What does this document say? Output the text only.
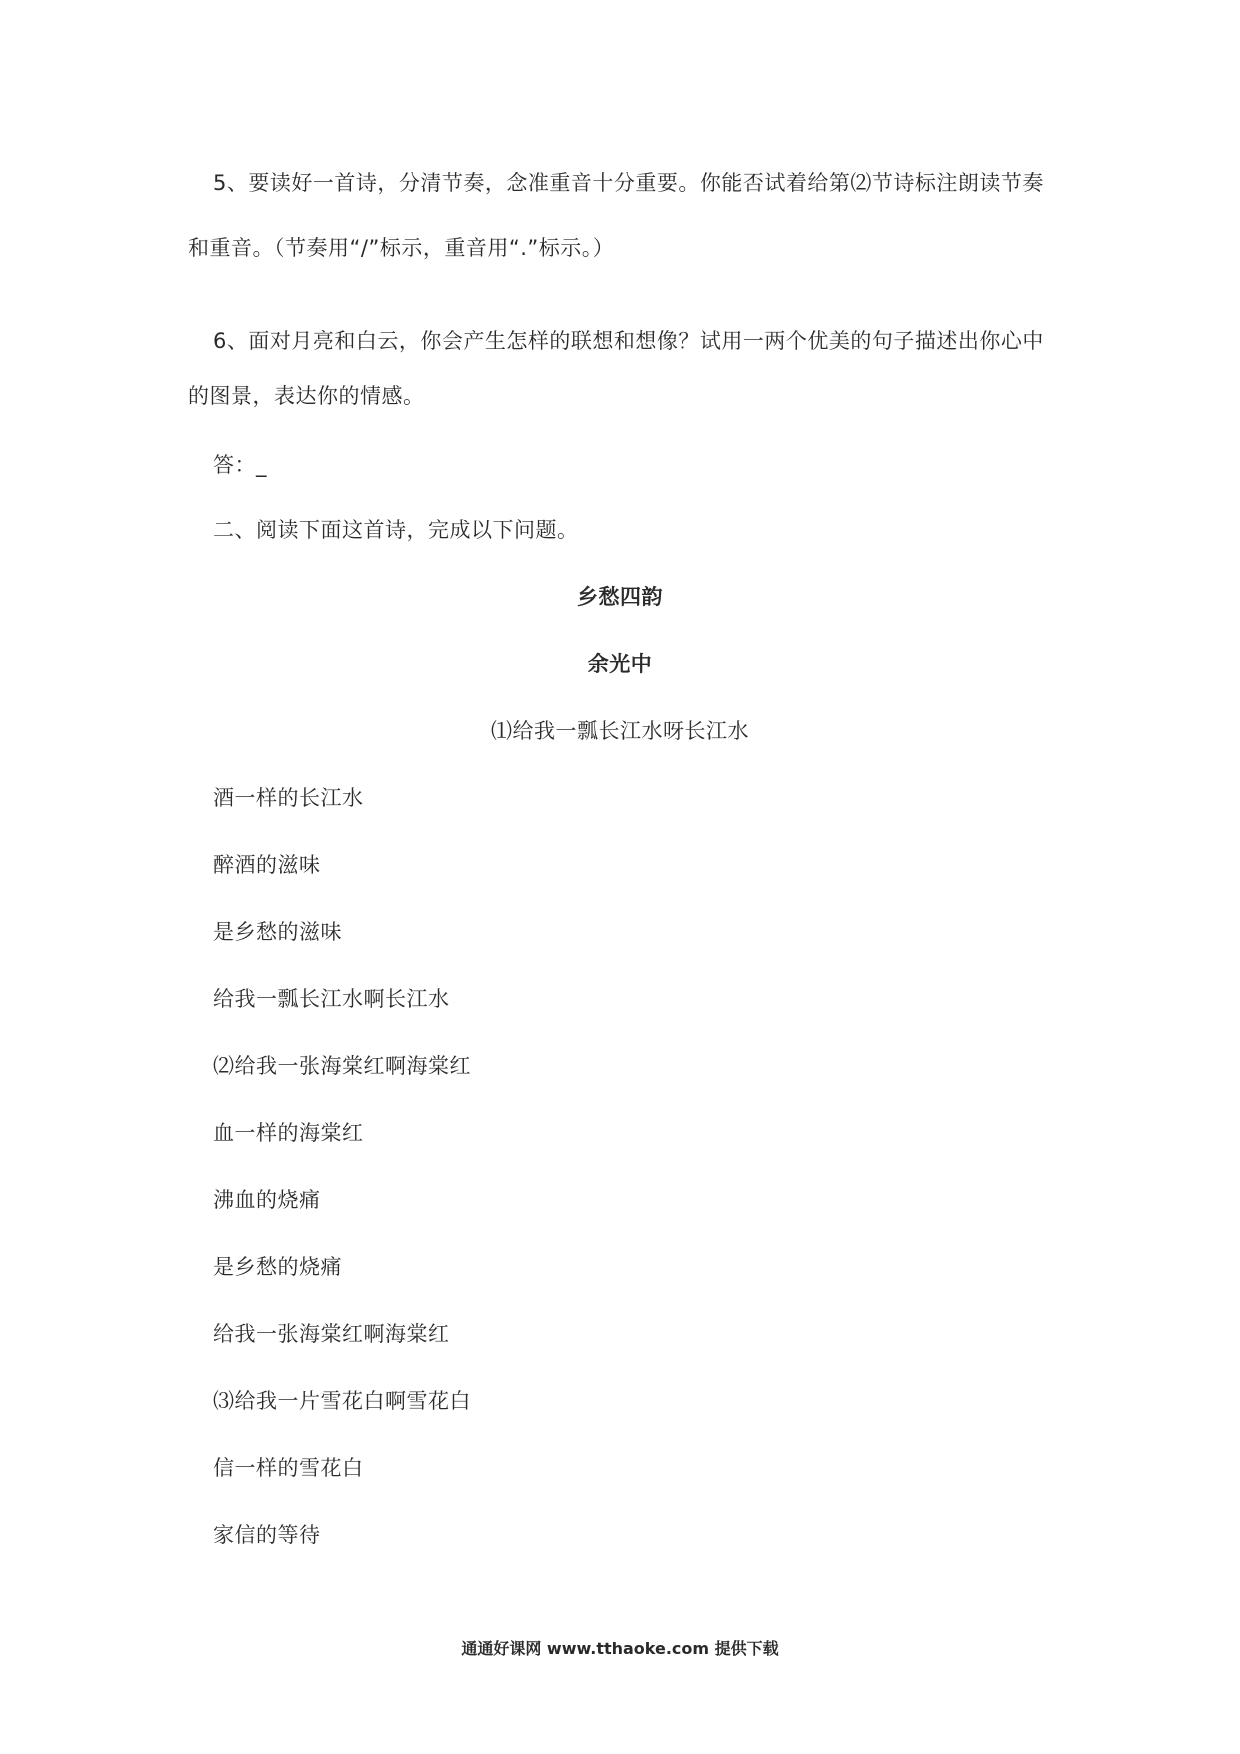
5、要读好一首诗，分清节奏，念准重音十分重要。你能否试着给第⑵节诗标注朗读节奏
和重音。（节奏用“/”标示，重音用“.”标示。）
6、面对月亮和白云，你会产生怎样的联想和想像？试用一两个优美的句子描述出你心中
的图景，表达你的情感。
答：_
二、阅读下面这首诗，完成以下问题。
乡愁四韵
余光中
⑴给我一瓢长江水呀长江水
酒一样的长江水
醉酒的滋味
是乡愁的滋味
给我一瓢长江水啊长江水
⑵给我一张海棠红啊海棠红
血一样的海棠红
沸血的烧痛
是乡愁的烧痛
给我一张海棠红啊海棠红
⑶给我一片雪花白啊雪花白
信一样的雪花白
家信的等待
通通好课网 www.tthaoke.com 提供下载
